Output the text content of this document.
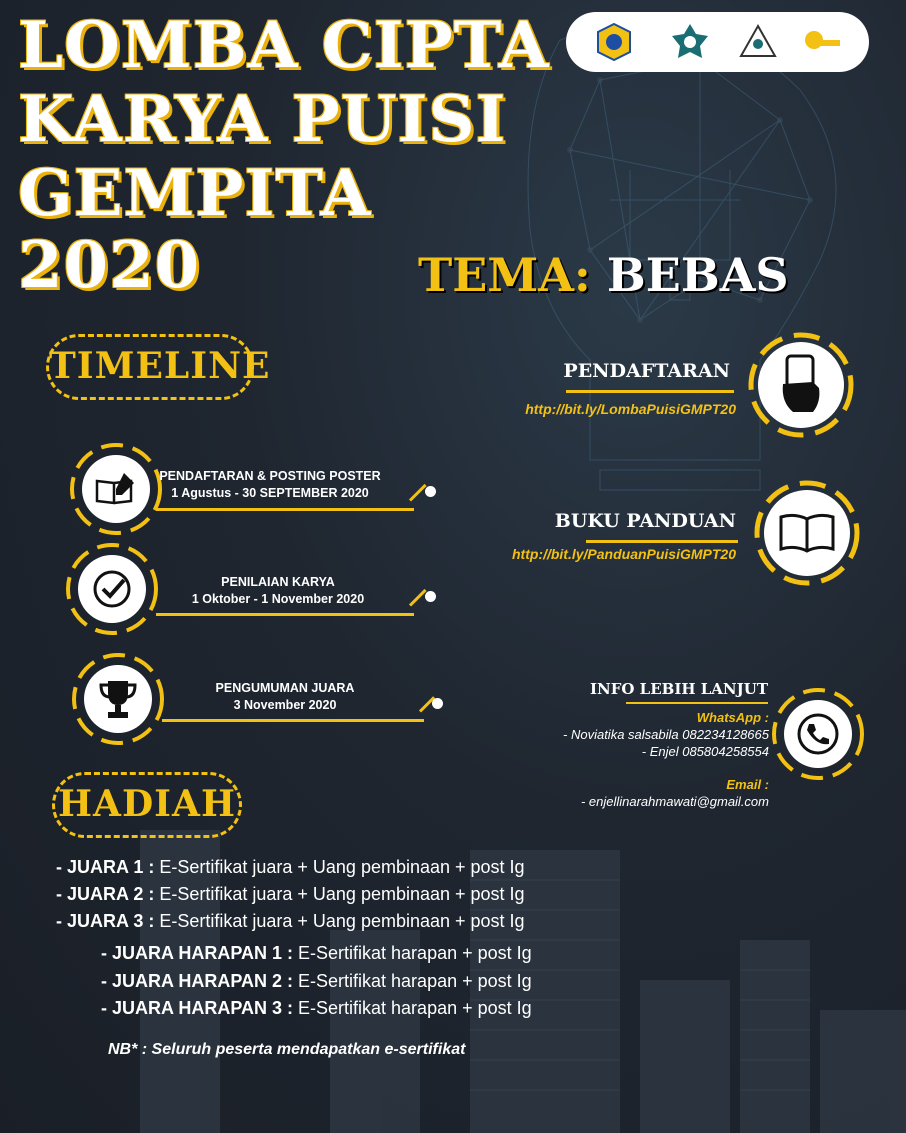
LOMBA CIPTA
KARYA PUISI
GEMPITA
2020	TEMA: BEBAS
TIMELINE
PENDAFTARAN & POSTING POSTER
1 Agustus - 30 SEPTEMBER 2020
PENILAIAN KARYA
1 Oktober - 1 November 2020
PENGUMUMAN JUARA
3 November 2020
PENDAFTARAN
http://bit.ly/LombaPuisiGMPT20
BUKU PANDUAN
http://bit.ly/PanduanPuisiGMPT20
INFO LEBIH LANJUT
WhatsApp :
- Noviatika salsabila 082234128665
- Enjel 085804258554
Email :
- enjellinarahmawati@gmail.com
HADIAH
- JUARA 1 : E-Sertifikat juara + Uang pembinaan + post Ig
- JUARA 2 : E-Sertifikat juara + Uang pembinaan + post Ig
- JUARA 3 : E-Sertifikat juara + Uang pembinaan + post Ig
- JUARA HARAPAN 1 : E-Sertifikat harapan + post Ig
- JUARA HARAPAN 2 : E-Sertifikat harapan + post Ig
- JUARA HARAPAN 3 : E-Sertifikat harapan + post Ig
NB* : Seluruh peserta mendapatkan e-sertifikat
